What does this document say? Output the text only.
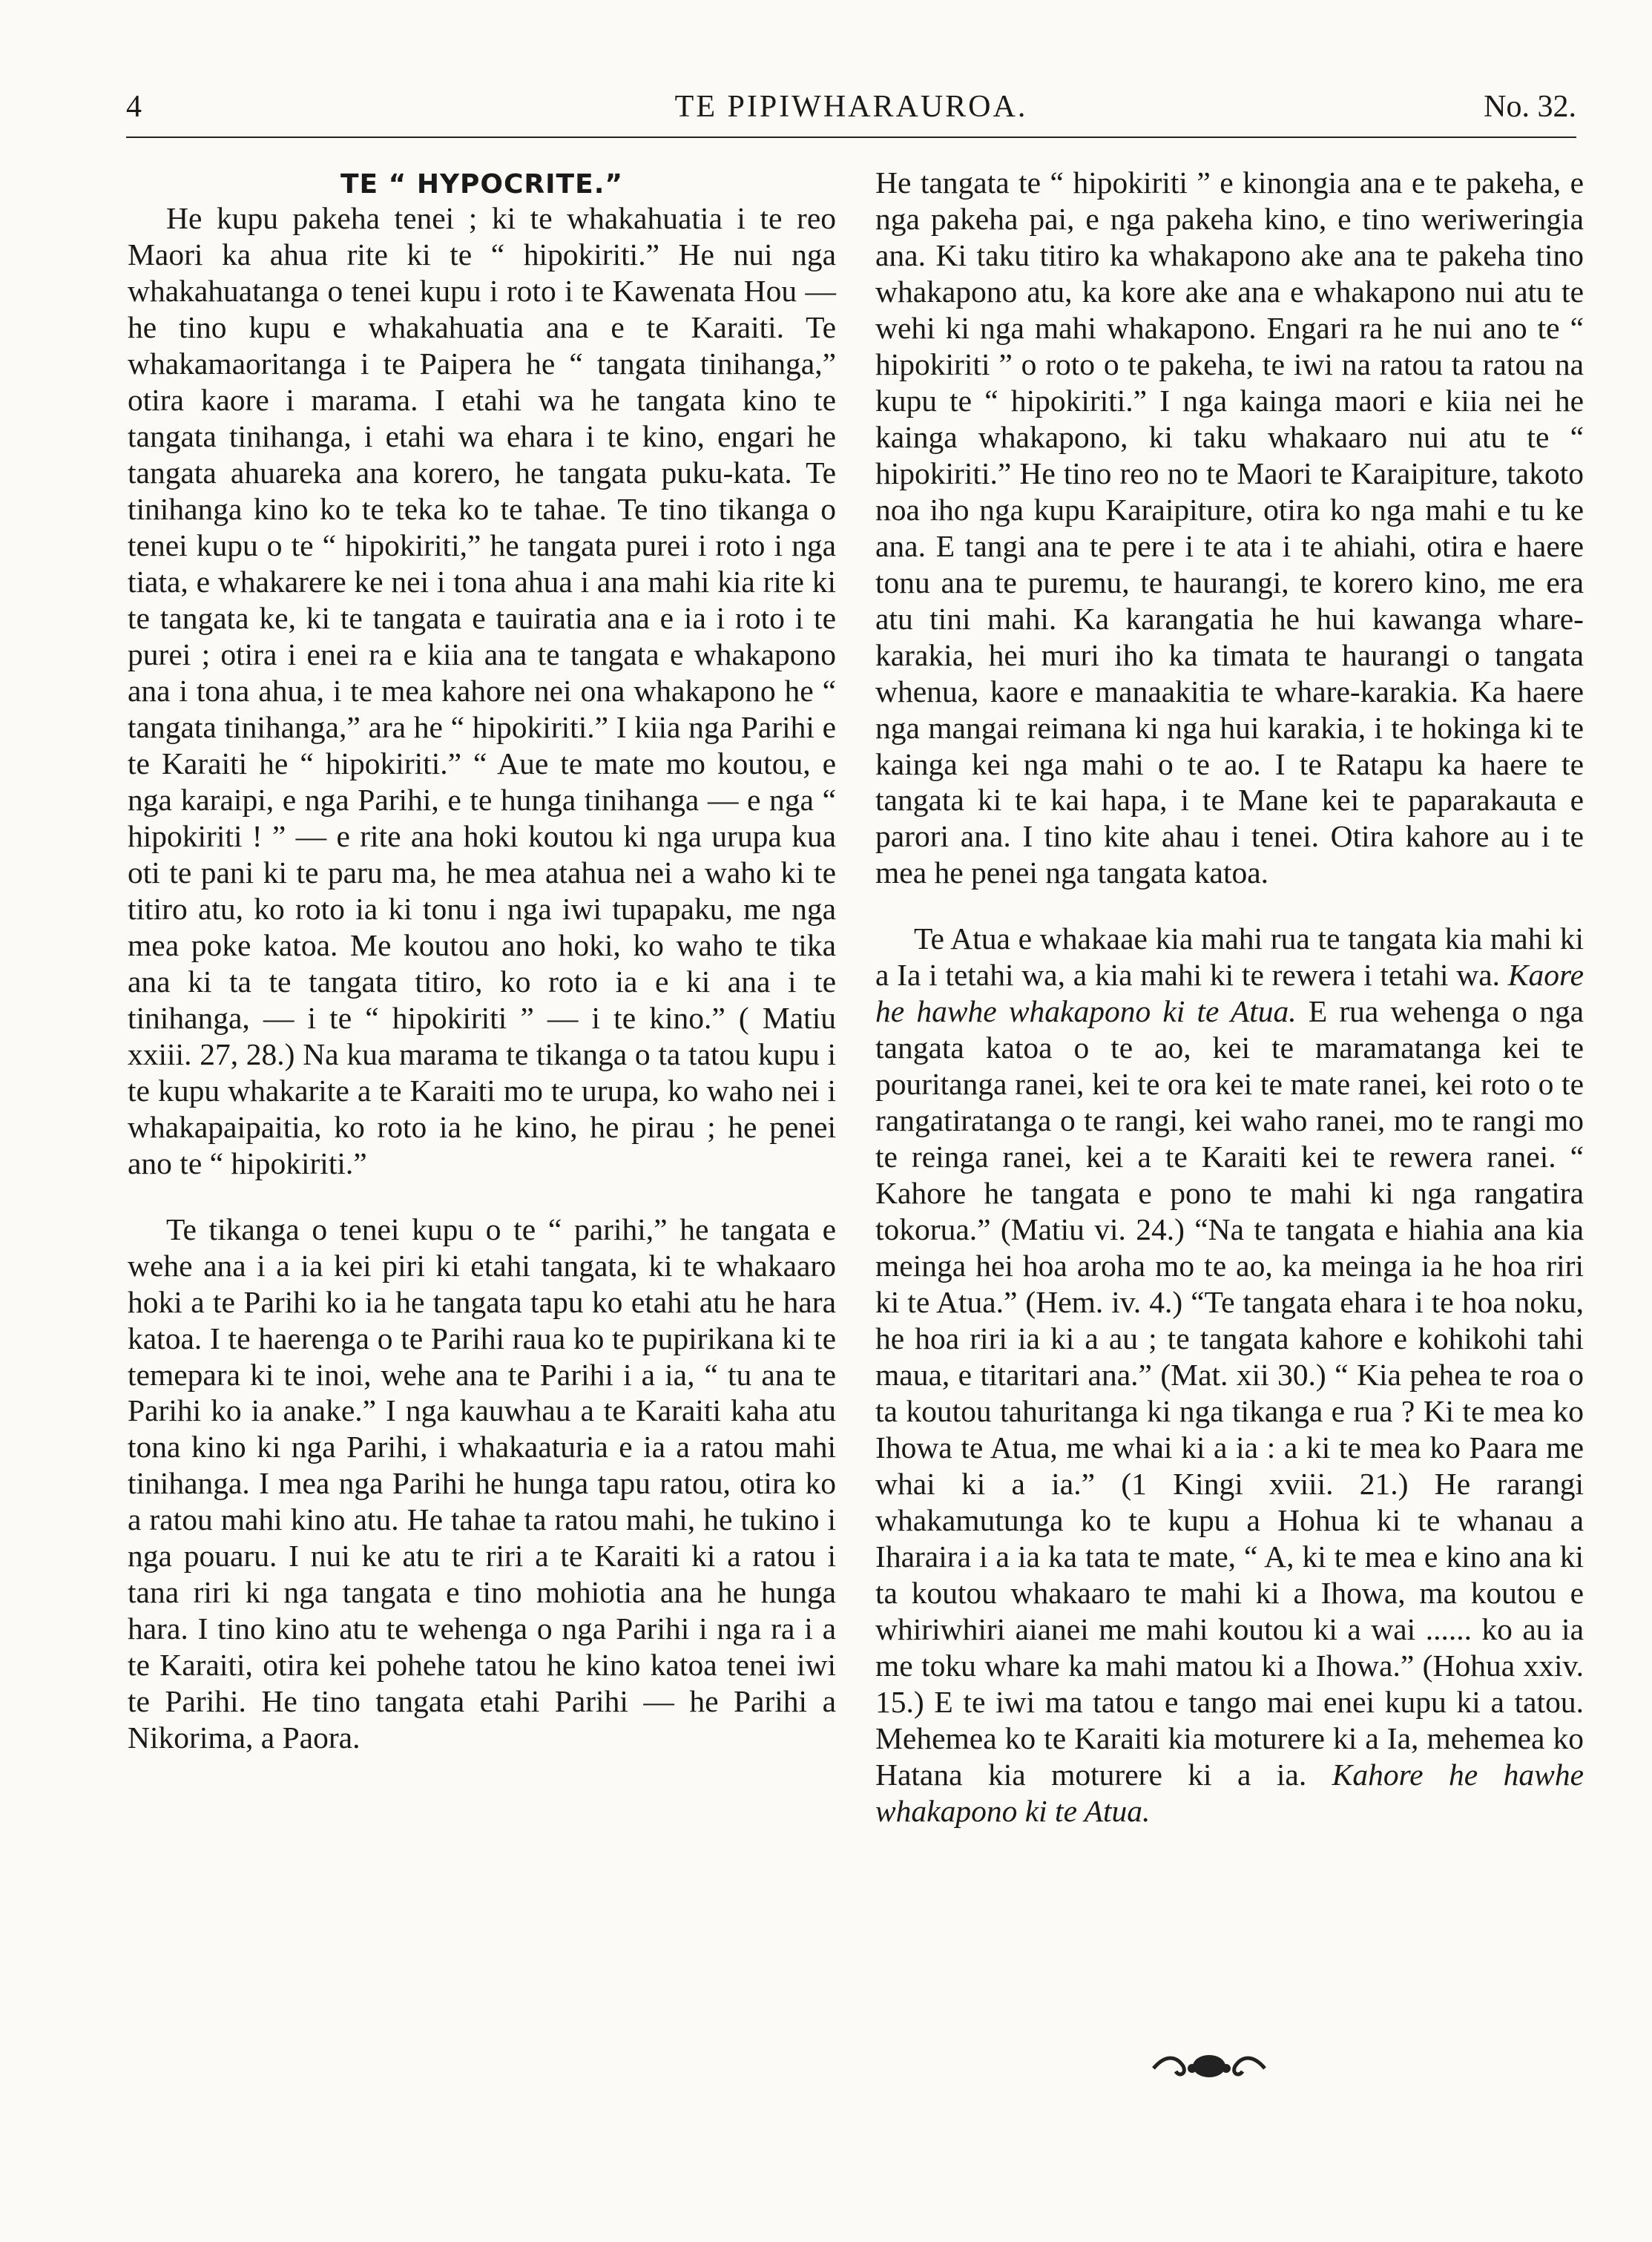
4	TE PIPIWHARAUROA.	No. 32.

TE “ HYPOCRITE.”

He kupu pakeha tenei ; ki te whakahuatia i te reo Maori ka ahua rite ki te “ hipokiriti.” He nui nga whakahuatanga o tenei kupu i roto i te Kawenata Hou — he tino kupu e whakahuatia ana e te Karaiti. Te whakamaoritanga i te Paipera he “ tangata tinihanga,” otira kaore i marama. I etahi wa he tangata kino te tangata tinihanga, i etahi wa ehara i te kino, engari he tangata ahuareka ana korero, he tangata puku-kata. Te tinihanga kino ko te teka ko te tahae. Te tino tikanga o tenei kupu o te “ hipokiriti,” he tangata purei i roto i nga tiata, e whakarere ke nei i tona ahua i ana mahi kia rite ki te tangata ke, ki te tangata e tauiratia ana e ia i roto i te purei ; otira i enei ra e kiia ana te tangata e whakapono ana i tona ahua, i te mea kahore nei ona whakapono he “ tangata tinihanga,” ara he “ hipokiriti.” I kiia nga Parihi e te Karaiti he “ hipokiriti.” “ Aue te mate mo koutou, e nga karaipi, e nga Parihi, e te hunga tinihanga — e nga “ hipokiriti ! ” — e rite ana hoki koutou ki nga urupa kua oti te pani ki te paru ma, he mea atahua nei a waho ki te titiro atu, ko roto ia ki tonu i nga iwi tupapaku, me nga mea poke katoa. Me koutou ano hoki, ko waho te tika ana ki ta te tangata titiro, ko roto ia e ki ana i te tinihanga, — i te “ hipokiriti ” — i te kino.” ( Matiu xxiii. 27, 28.) Na kua marama te tikanga o ta tatou kupu i te kupu whakarite a te Karaiti mo te urupa, ko waho nei i whakapaipaitia, ko roto ia he kino, he pirau ; he penei ano te “ hipokiriti.”

Te tikanga o tenei kupu o te “ parihi,” he tangata e wehe ana i a ia kei piri ki etahi tangata, ki te whakaaro hoki a te Parihi ko ia he tangata tapu ko etahi atu he hara katoa. I te haerenga o te Parihi raua ko te pupirikana ki te temepara ki te inoi, wehe ana te Parihi i a ia, “ tu ana te Parihi ko ia anake.” I nga kauwhau a te Karaiti kaha atu tona kino ki nga Parihi, i whakaaturia e ia a ratou mahi tinihanga. I mea nga Parihi he hunga tapu ratou, otira ko a ratou mahi kino atu. He tahae ta ratou mahi, he tukino i nga pouaru. I nui ke atu te riri a te Karaiti ki a ratou i tana riri ki nga tangata e tino mohiotia ana he hunga hara. I tino kino atu te wehenga o nga Parihi i nga ra i a te Karaiti, otira kei pohehe tatou he kino katoa tenei iwi te Parihi. He tino tangata etahi Parihi — he Parihi a Nikorima, a Paora.

He tangata te “ hipokiriti ” e kinongia ana e te pakeha, e nga pakeha pai, e nga pakeha kino, e tino weriweringia ana. Ki taku titiro ka whakapono ake ana te pakeha tino whakapono atu, ka kore ake ana e whakapono nui atu te wehi ki nga mahi whakapono. Engari ra he nui ano te “ hipokiriti ” o roto o te pakeha, te iwi na ratou ta ratou na kupu te “ hipokiriti.” I nga kainga maori e kiia nei he kainga whakapono, ki taku whakaaro nui atu te “ hipokiriti.” He tino reo no te Maori te Karaipiture, takoto noa iho nga kupu Karaipiture, otira ko nga mahi e tu ke ana. E tangi ana te pere i te ata i te ahiahi, otira e haere tonu ana te puremu, te haurangi, te korero kino, me era atu tini mahi. Ka karangatia he hui kawanga whare-karakia, hei muri iho ka timata te haurangi o tangata whenua, kaore e manaakitia te whare-karakia. Ka haere nga mangai reimana ki nga hui karakia, i te hokinga ki te kainga kei nga mahi o te ao. I te Ratapu ka haere te tangata ki te kai hapa, i te Mane kei te paparakauta e parori ana. I tino kite ahau i tenei. Otira kahore au i te mea he penei nga tangata katoa.

Te Atua e whakaae kia mahi rua te tangata kia mahi ki a Ia i tetahi wa, a kia mahi ki te rewera i tetahi wa. Kaore he hawhe whakapono ki te Atua. E rua wehenga o nga tangata katoa o te ao, kei te maramatanga kei te pouritanga ranei, kei te ora kei te mate ranei, kei roto o te rangatiratanga o te rangi, kei waho ranei, mo te rangi mo te reinga ranei, kei a te Karaiti kei te rewera ranei. “ Kahore he tangata e pono te mahi ki nga rangatira tokorua.” (Matiu vi. 24.) “Na te tangata e hiahia ana kia meinga hei hoa aroha mo te ao, ka meinga ia he hoa riri ki te Atua.” (Hem. iv. 4.) “Te tangata ehara i te hoa noku, he hoa riri ia ki a au ; te tangata kahore e kohikohi tahi maua, e titaritari ana.” (Mat. xii 30.) “ Kia pehea te roa o ta koutou tahuritanga ki nga tikanga e rua ? Ki te mea ko Ihowa te Atua, me whai ki a ia : a ki te mea ko Paara me whai ki a ia.” (1 Kingi xviii. 21.) He rarangi whakamutunga ko te kupu a Hohua ki te whanau a Iharaira i a ia ka tata te mate, “ A, ki te mea e kino ana ki ta koutou whakaaro te mahi ki a Ihowa, ma koutou e whiriwhiri aianei me mahi koutou ki a wai ...... ko au ia me toku whare ka mahi matou ki a Ihowa.” (Hohua xxiv. 15.) E te iwi ma tatou e tango mai enei kupu ki a tatou. Mehemea ko te Karaiti kia moturere ki a Ia, mehemea ko Hatana kia moturere ki a ia. Kahore he hawhe whakapono ki te Atua.
